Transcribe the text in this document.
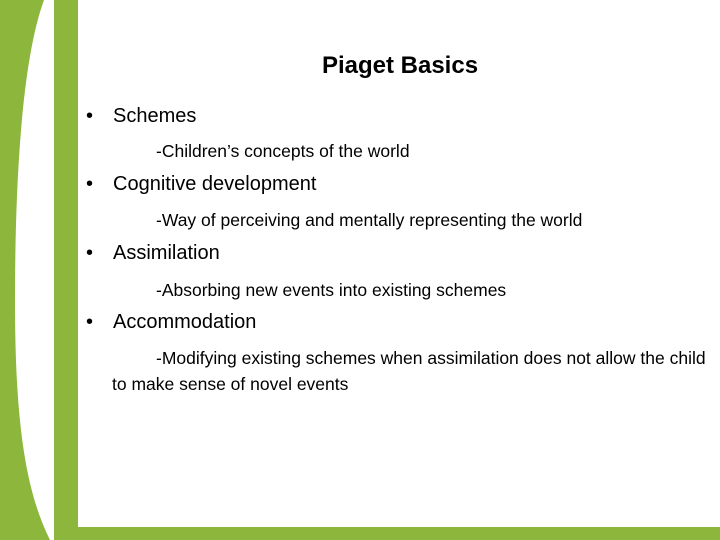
Piaget Basics
• Schemes
-Children’s concepts of the world
• Cognitive development
-Way of perceiving and mentally representing the world
• Assimilation
-Absorbing new events into existing schemes
• Accommodation
-Modifying existing schemes when assimilation does not allow the child to make sense of novel events
